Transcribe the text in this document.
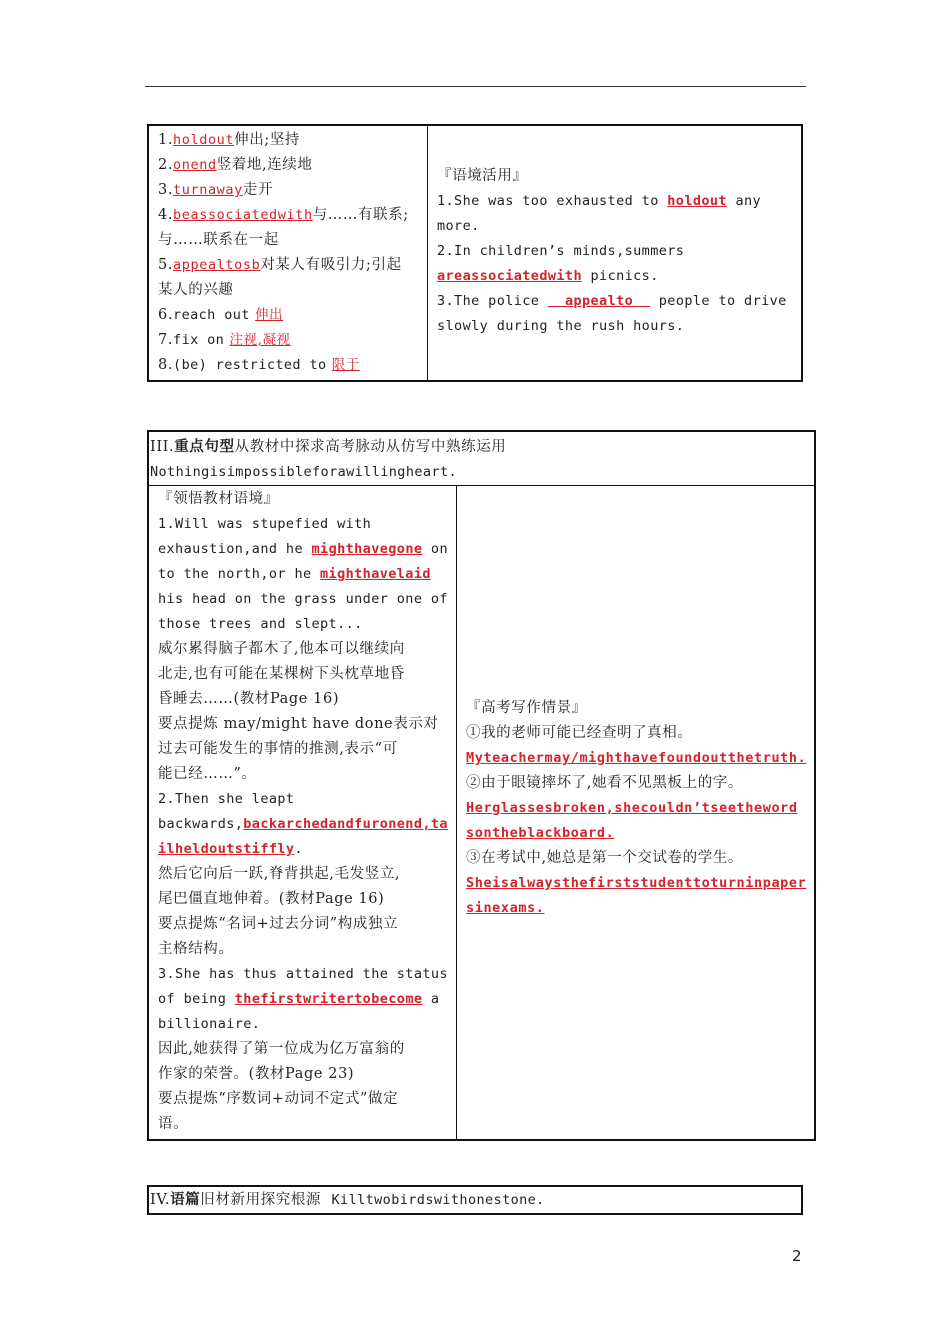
1.holdout伸出;坚持
2.onend竖着地,连续地
3.turnaway走开
4.beassociatedwith与……有联系;
与……联系在一起
5.appealtosb对某人有吸引力;引起
某人的兴趣
6.reach out 伸出
7.fix on 注视,凝视
8.(be) restricted to 限于

『语境活用』
1.She was too exhausted to holdout any
more.
2.In children’s minds,summers
areassociatedwith picnics.
3.The police appealto people to drive
slowly during the rush hours.
III.重点句型从教材中探求高考脉动从仿写中熟练运用
Nothingisimpossibleforawillingheart.

『领悟教材语境』
1.Will was stupefied with
exhaustion,and he mighthavegone on
to the north,or he mighthavelaid
his head on the grass under one of
those trees and slept...
威尔累得脑子都木了,他本可以继续向
北走,也有可能在某棵树下头枕草地昏
昏睡去……(教材Page 16)
要点提炼 may/might have done表示对
过去可能发生的事情的推测,表示“可
能已经……”。
2.Then she leapt
backwards,backarchedandfuronend,ta
ilheldoutstiffly.
然后它向后一跃,脊背拱起,毛发竖立,
尾巴僵直地伸着。(教材Page 16)
要点提炼“名词+过去分词”构成独立
主格结构。
3.She has thus attained the status
of being thefirstwritertobecome a
billionaire.
因此,她获得了第一位成为亿万富翁的
作家的荣誉。(教材Page 23)
要点提炼“序数词+动词不定式”做定
语。

『高考写作情景』
①我的老师可能已经查明了真相。
Myteachermay/mighthavefoundoutthetruth.
②由于眼镜摔坏了,她看不见黑板上的字。
Herglassesbroken,shecouldn’tseetheword
sontheblackboard.
③在考试中,她总是第一个交试卷的学生。
Sheisalwaysthefirststudenttoturninpaper
sinexams.
IV.语篇旧材新用探究根源 Killtwobirdswithonestone.
2
